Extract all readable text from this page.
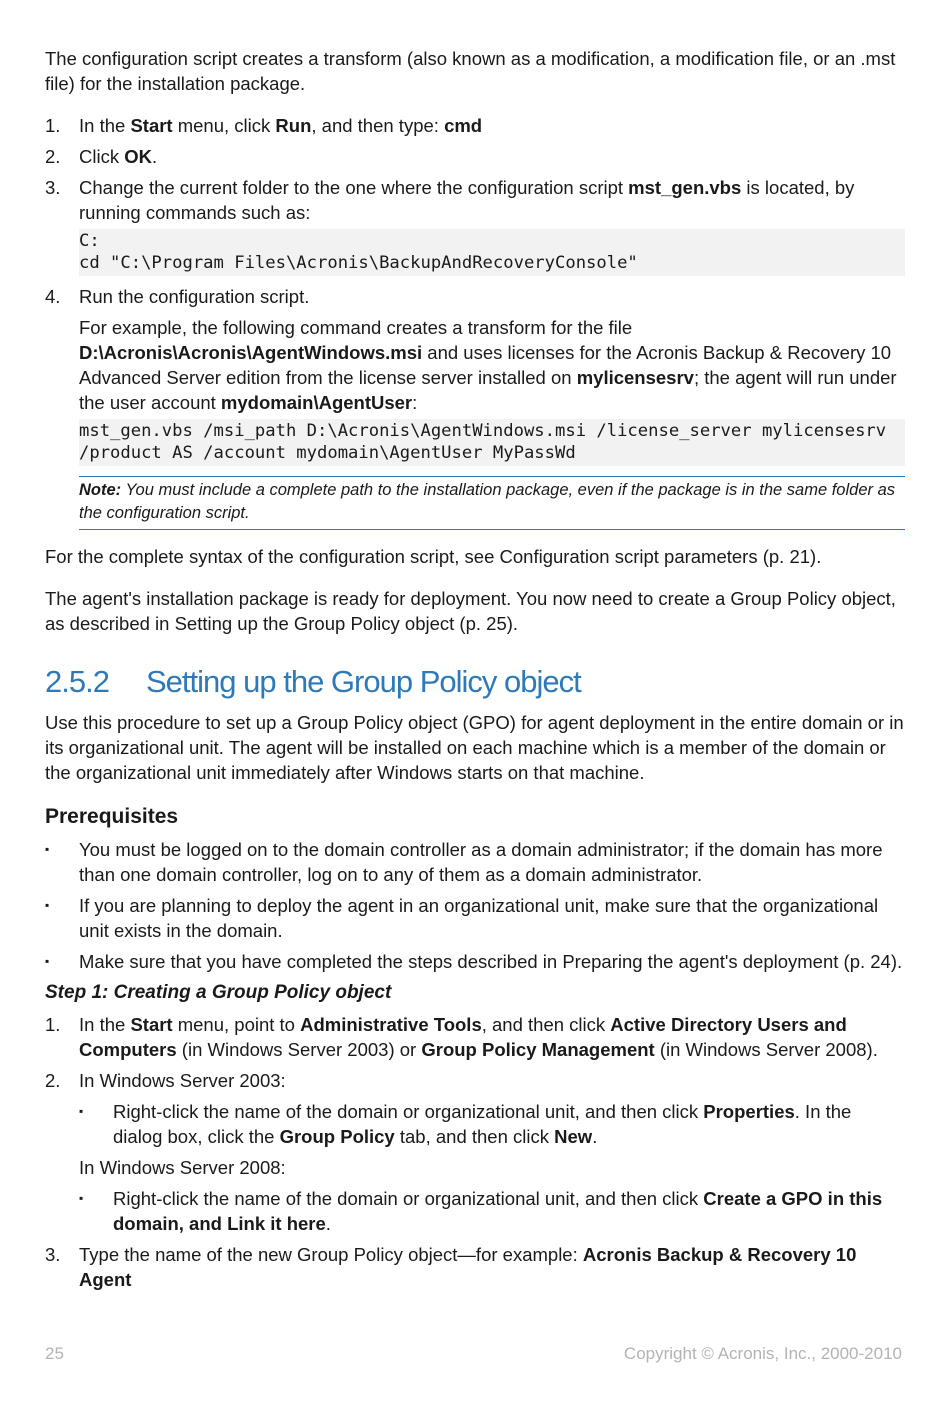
The configuration script creates a transform (also known as a modification, a modification file, or an .mst file) for the installation package.

1. In the Start menu, click Run, and then type: cmd
2. Click OK.
3. Change the current folder to the one where the configuration script mst_gen.vbs is located, by running commands such as:
C:
cd "C:\Program Files\Acronis\BackupAndRecoveryConsole"
4. Run the configuration script.

For example, the following command creates a transform for the file D:\Acronis\Acronis\AgentWindows.msi and uses licenses for the Acronis Backup & Recovery 10 Advanced Server edition from the license server installed on mylicensesrv; the agent will run under the user account mydomain\AgentUser:

mst_gen.vbs /msi_path D:\Acronis\AgentWindows.msi /license_server mylicensesrv
/product AS /account mydomain\AgentUser MyPassWd
Note: You must include a complete path to the installation package, even if the package is in the same folder as the configuration script.

For the complete syntax of the configuration script, see Configuration script parameters (p. 21).

The agent's installation package is ready for deployment. You now need to create a Group Policy object, as described in Setting up the Group Policy object (p. 25).

2.5.2 Setting up the Group Policy object

Use this procedure to set up a Group Policy object (GPO) for agent deployment in the entire domain or in its organizational unit. The agent will be installed on each machine which is a member of the domain or the organizational unit immediately after Windows starts on that machine.

Prerequisites
▪ You must be logged on to the domain controller as a domain administrator; if the domain has more than one domain controller, log on to any of them as a domain administrator.
▪ If you are planning to deploy the agent in an organizational unit, make sure that the organizational unit exists in the domain.
▪ Make sure that you have completed the steps described in Preparing the agent's deployment (p. 24).
Step 1: Creating a Group Policy object
1. In the Start menu, point to Administrative Tools, and then click Active Directory Users and Computers (in Windows Server 2003) or Group Policy Management (in Windows Server 2008).
2. In Windows Server 2003:
▪ Right-click the name of the domain or organizational unit, and then click Properties. In the dialog box, click the Group Policy tab, and then click New.

In Windows Server 2008:

▪ Right-click the name of the domain or organizational unit, and then click Create a GPO in this domain, and Link it here.
3. Type the name of the new Group Policy object—for example: Acronis Backup & Recovery 10 Agent
25	Copyright © Acronis, Inc., 2000-2010
